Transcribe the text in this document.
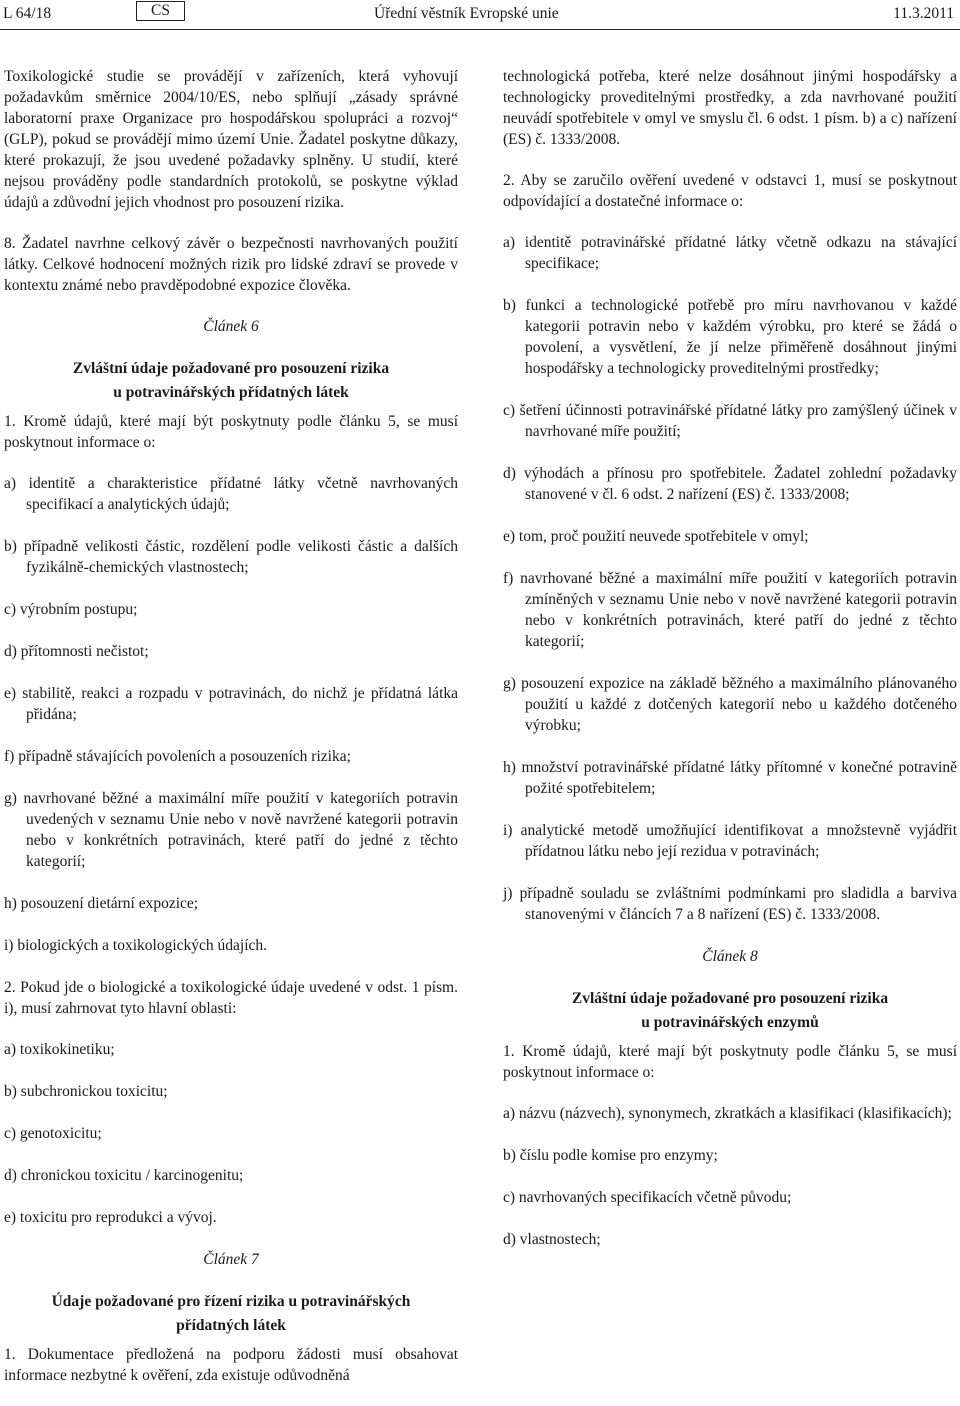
L 64/18	CS	Úřední věstník Evropské unie	11.3.2011

Toxikologické studie se provádějí v zařízeních, která vyhovují požadavkům směrnice 2004/10/ES, nebo splňují „zásady správné laboratorní praxe Organizace pro hospodářskou spolupráci a rozvoj“ (GLP), pokud se provádějí mimo území Unie. Žadatel poskytne důkazy, které prokazují, že jsou uvedené požadavky splněny. U studií, které nejsou prováděny podle standardních protokolů, se poskytne výklad údajů a zdůvodní jejich vhodnost pro posouzení rizika.

8. Žadatel navrhne celkový závěr o bezpečnosti navrhovaných použití látky. Celkové hodnocení možných rizik pro lidské zdraví se provede v kontextu známé nebo pravděpodobné expozice člověka.

Článek 6

Zvláštní údaje požadované pro posouzení rizika

u potravinářských přídatných látek

1. Kromě údajů, které mají být poskytnuty podle článku 5, se musí poskytnout informace o:

a) identitě a charakteristice přídatné látky včetně navrhovaných specifikací a analytických údajů;

b) případně velikosti částic, rozdělení podle velikosti částic a dalších fyzikálně-chemických vlastnostech;

c) výrobním postupu;

d) přítomnosti nečistot;

e) stabilitě, reakci a rozpadu v potravinách, do nichž je přídatná látka přidána;

f) případně stávajících povoleních a posouzeních rizika;

g) navrhované běžné a maximální míře použití v kategoriích potravin uvedených v seznamu Unie nebo v nově navržené kategorii potravin nebo v konkrétních potravinách, které patří do jedné z těchto kategorií;

h) posouzení dietární expozice;

i) biologických a toxikologických údajích.

2. Pokud jde o biologické a toxikologické údaje uvedené v odst. 1 písm. i), musí zahrnovat tyto hlavní oblasti:

a) toxikokinetiku;

b) subchronickou toxicitu;

c) genotoxicitu;

d) chronickou toxicitu / karcinogenitu;

e) toxicitu pro reprodukci a vývoj.

Článek 7

Údaje požadované pro řízení rizika u potravinářských

přídatných látek

1. Dokumentace předložená na podporu žádosti musí obsahovat informace nezbytné k ověření, zda existuje odůvodněná

technologická potřeba, které nelze dosáhnout jinými hospodářsky a technologicky proveditelnými prostředky, a zda navrhované použití neuvádí spotřebitele v omyl ve smyslu čl. 6 odst. 1 písm. b) a c) nařízení (ES) č. 1333/2008.

2. Aby se zaručilo ověření uvedené v odstavci 1, musí se poskytnout odpovídající a dostatečné informace o:

a) identitě potravinářské přídatné látky včetně odkazu na stávající specifikace;

b) funkci a technologické potřebě pro míru navrhovanou v každé kategorii potravin nebo v každém výrobku, pro které se žádá o povolení, a vysvětlení, že jí nelze přiměřeně dosáhnout jinými hospodářsky a technologicky proveditelnými prostředky;

c) šetření účinnosti potravinářské přídatné látky pro zamýšlený účinek v navrhované míře použití;

d) výhodách a přínosu pro spotřebitele. Žadatel zohlední požadavky stanovené v čl. 6 odst. 2 nařízení (ES) č. 1333/2008;

e) tom, proč použití neuvede spotřebitele v omyl;

f) navrhované běžné a maximální míře použití v kategoriích potravin zmíněných v seznamu Unie nebo v nově navržené kategorii potravin nebo v konkrétních potravinách, které patří do jedné z těchto kategorií;

g) posouzení expozice na základě běžného a maximálního plánovaného použití u každé z dotčených kategorií nebo u každého dotčeného výrobku;

h) množství potravinářské přídatné látky přítomné v konečné potravině požité spotřebitelem;

i) analytické metodě umožňující identifikovat a množstevně vyjádřit přídatnou látku nebo její rezidua v potravinách;

j) případně souladu se zvláštními podmínkami pro sladidla a barviva stanovenými v článcích 7 a 8 nařízení (ES) č. 1333/2008.

Článek 8

Zvláštní údaje požadované pro posouzení rizika

u potravinářských enzymů

1. Kromě údajů, které mají být poskytnuty podle článku 5, se musí poskytnout informace o:

a) názvu (názvech), synonymech, zkratkách a klasifikaci (klasifikacích);

b) číslu podle komise pro enzymy;

c) navrhovaných specifikacích včetně původu;

d) vlastnostech;
